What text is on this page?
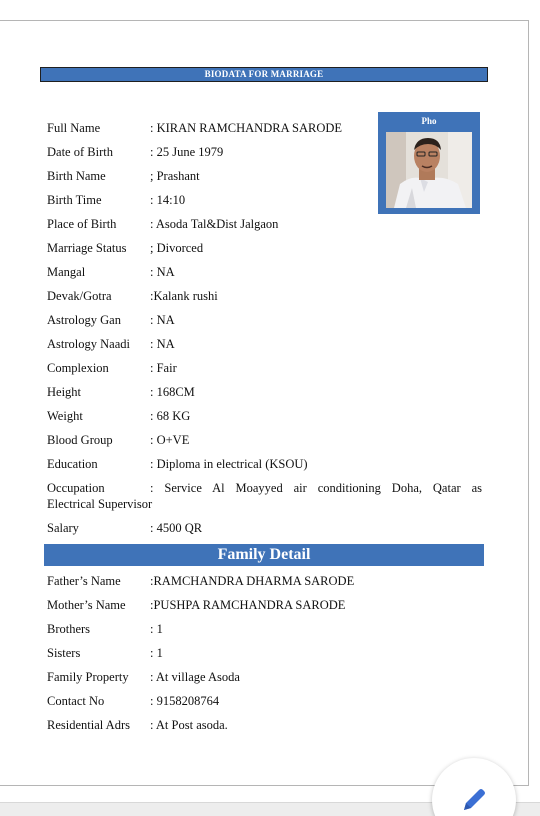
BIODATA FOR MARRIAGE
Pho
Full Name	: KIRAN RAMCHANDRA SARODE
Date of Birth	: 25 June 1979
Birth Name	; Prashant
Birth Time	: 14:10
Place of Birth	: Asoda Tal&Dist Jalgaon
Marriage Status ; Divorced
Mangal	: NA
Devak/Gotra	:Kalank rushi
Astrology Gan : NA
Astrology Naadi : NA
Complexion	: Fair
Height	: 168CM
Weight	: 68 KG
Blood Group	: O+VE
Education	: Diploma in electrical (KSOU)
Occupation	: Service Al Moayyed air conditioning Doha, Qatar as
Electrical Supervisor
Salary	: 4500 QR
Family Detail
Father’s Name :RAMCHANDRA DHARMA SARODE
Mother’s Name :PUSHPA RAMCHANDRA SARODE
Brothers	: 1
Sisters	: 1
Family Property : At village Asoda
Contact No	: 9158208764
Residential Adrs : At Post asoda.
